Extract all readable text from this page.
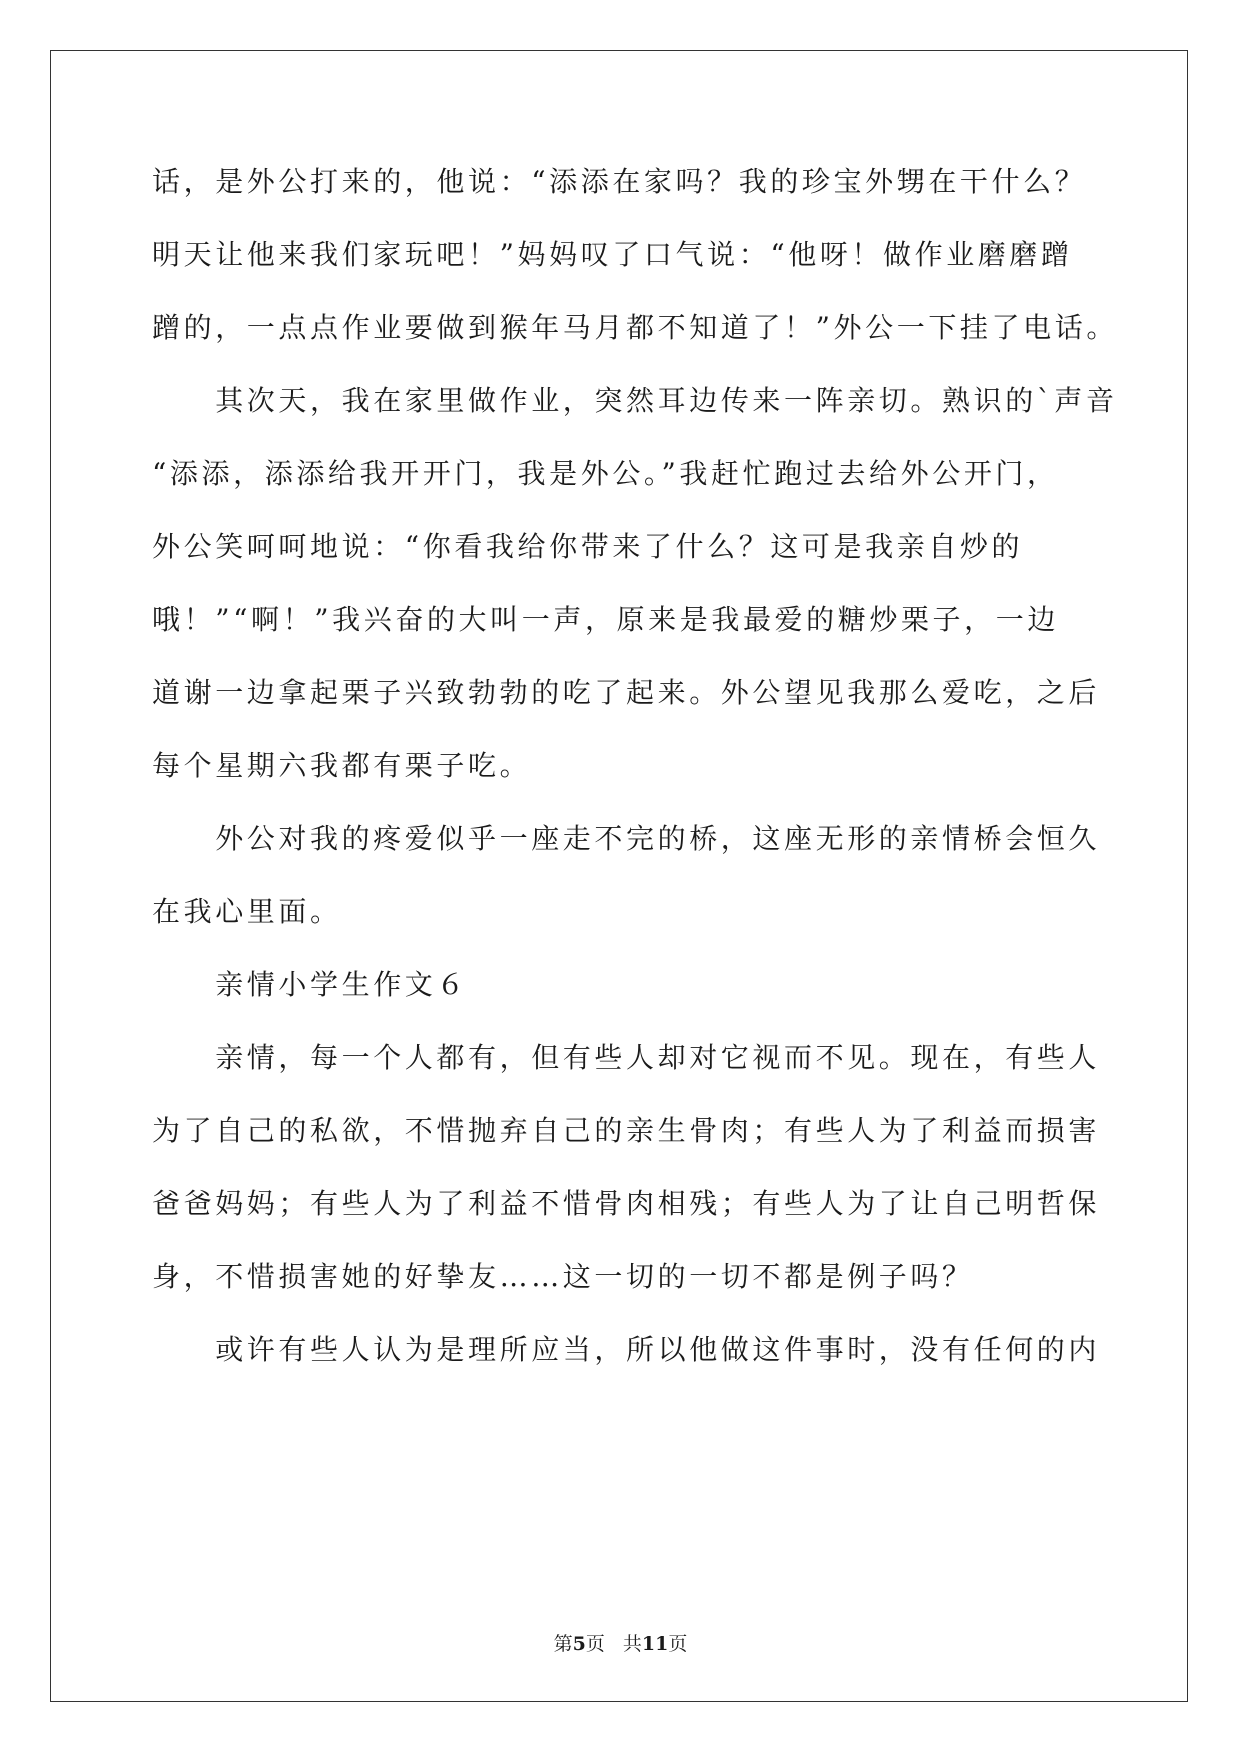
话，是外公打来的，他说：“添添在家吗？我的珍宝外甥在干什么？
明天让他来我们家玩吧！”妈妈叹了口气说：“他呀！做作业磨磨蹭
蹭的，一点点作业要做到猴年马月都不知道了！”外公一下挂了电话。
　　其次天，我在家里做作业，突然耳边传来一阵亲切。熟识的`声音
“添添，添添给我开开门，我是外公。”我赶忙跑过去给外公开门，
外公笑呵呵地说：“你看我给你带来了什么？这可是我亲自炒的
哦！”“啊！”我兴奋的大叫一声，原来是我最爱的糖炒栗子，一边
道谢一边拿起栗子兴致勃勃的吃了起来。外公望见我那么爱吃，之后
每个星期六我都有栗子吃。
　　外公对我的疼爱似乎一座走不完的桥，这座无形的亲情桥会恒久
在我心里面。
　　亲情小学生作文６
　　亲情，每一个人都有，但有些人却对它视而不见。现在，有些人
为了自己的私欲，不惜抛弃自己的亲生骨肉；有些人为了利益而损害
爸爸妈妈；有些人为了利益不惜骨肉相残；有些人为了让自己明哲保
身，不惜损害她的好挚友……这一切的一切不都是例子吗？
　　或许有些人认为是理所应当，所以他做这件事时，没有任何的内
第5页 共11页
